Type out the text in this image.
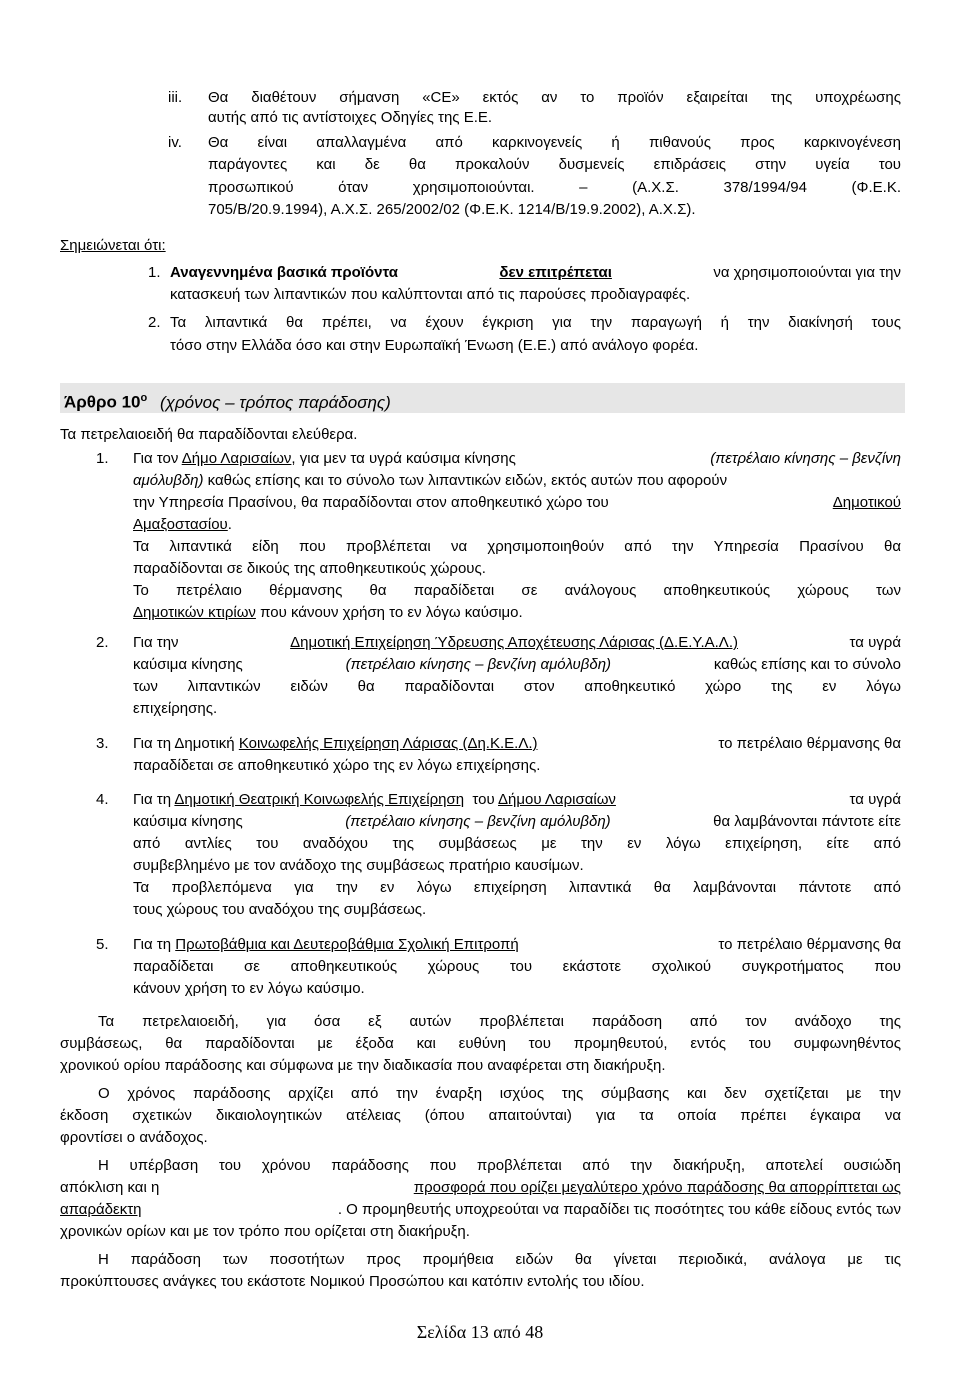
iii. Θα διαθέτουν σήμανση «CE» εκτός αν το προϊόν εξαιρείται της υποχρέωσης
αυτής από τις αντίστοιχες Οδηγίες της Ε.Ε.
iv. Θα είναι απαλλαγμένα από καρκινογενείς ή πιθανούς προς καρκινογένεση
παράγοντες και δε θα προκαλούν δυσμενείς επιδράσεις στην υγεία του
προσωπικού όταν χρησιμοποιούνται. – (Α.Χ.Σ. 378/1994/94 (Φ.Ε.Κ.
705/Β/20.9.1994), Α.Χ.Σ. 265/2002/02 (Φ.Ε.Κ. 1214/Β/19.9.2002), Α.Χ.Σ).
Σημειώνεται ότι:
1. Αναγεννημένα βασικά προϊόντα	δεν επιτρέπεται	να χρησιμοποιούνται για την
κατασκευή των λιπαντικών που καλύπτονται από τις παρούσες προδιαγραφές.
2. Τα λιπαντικά θα πρέπει, να έχουν έγκριση για την παραγωγή ή την διακίνησή τους
τόσο στην Ελλάδα όσο και στην Ευρωπαϊκή Ένωση (Ε.Ε.) από ανάλογο φορέα.
Άρθρο $10^o$ (χρόνος – τρόπος παράδοσης)
Τα πετρελαιοειδή θα παραδίδονται ελεύθερα.
1. Για τον Δήμο Λαρισαίων, για μεν τα υγρά καύσιμα κίνησης	(πετρέλαιο κίνησης – βενζίνη
αμόλυβδη) καθώς επίσης και το σύνολο των λιπαντικών ειδών, εκτός αυτών που αφορούν
την Υπηρεσία Πρασίνου, θα παραδίδονται στον αποθηκευτικό χώρο του	Δημοτικού
Αμαξοστασίου.
Τα λιπαντικά είδη που προβλέπεται να χρησιμοποιηθούν από την Υπηρεσία Πρασίνου θα
παραδίδονται σε δικούς της αποθηκευτικούς χώρους.
Το πετρέλαιο θέρμανσης θα παραδίδεται σε ανάλογους αποθηκευτικούς χώρους των
Δημοτικών κτιρίων που κάνουν χρήση το εν λόγω καύσιμο.
2. Για την	Δημοτική Επιχείρηση Ύδρευσης Αποχέτευσης Λάρισας (Δ.Ε.Υ.Α.Λ.)	τα υγρά
καύσιμα κίνησης	(πετρέλαιο κίνησης – βενζίνη αμόλυβδη)	καθώς επίσης και το σύνολο
των λιπαντικών ειδών θα παραδίδονται στον αποθηκευτικό χώρο της εν λόγω
επιχείρησης.
3. Για τη Δημοτική Κοινωφελής Επιχείρηση Λάρισας (Δη.Κ.Ε.Λ.)	το πετρέλαιο θέρμανσης θα
παραδίδεται σε αποθηκευτικό χώρο της εν λόγω επιχείρησης.
4. Για τη Δημοτική Θεατρική Κοινωφελής Επιχείρηση  του Δήμου Λαρισαίων	τα υγρά
καύσιμα κίνησης	(πετρέλαιο κίνησης – βενζίνη αμόλυβδη)	θα λαμβάνονται πάντοτε είτε
από αντλίες του αναδόχου της συμβάσεως με την εν λόγω επιχείρηση, είτε από
συμβεβλημένο με τον ανάδοχο της συμβάσεως πρατήριο καυσίμων.
Τα προβλεπόμενα για την εν λόγω επιχείρηση λιπαντικά θα λαμβάνονται πάντοτε από
τους χώρους του αναδόχου της συμβάσεως.
5. Για τη Πρωτοβάθμια και Δευτεροβάθμια Σχολική Επιτροπή	το πετρέλαιο θέρμανσης θα
παραδίδεται σε αποθηκευτικούς χώρους του εκάστοτε σχολικού συγκροτήματος που
κάνουν χρήση το εν λόγω καύσιμο.
Τα πετρελαιοειδή, για όσα εξ αυτών προβλέπεται παράδοση από τον ανάδοχο της
συμβάσεως, θα παραδίδονται με έξοδα και ευθύνη του προμηθευτού, εντός του συμφωνηθέντος
χρονικού ορίου παράδοσης και σύμφωνα με την διαδικασία που αναφέρεται στη διακήρυξη.
Ο χρόνος παράδοσης αρχίζει από την έναρξη ισχύος της σύμβασης και δεν σχετίζεται με την
έκδοση σχετικών δικαιολογητικών ατέλειας (όπου απαιτούνται) για τα οποία πρέπει έγκαιρα να
φροντίσει ο ανάδοχος.
Η υπέρβαση του χρόνου παράδοσης που προβλέπεται από την διακήρυξη, αποτελεί ουσιώδη
απόκλιση και η	προσφορά που ορίζει μεγαλύτερο χρόνο παράδοσης θα απορρίπτεται ως
απαράδεκτη	. Ο προμηθευτής υποχρεούται να παραδίδει τις ποσότητες του κάθε είδους εντός των
χρονικών ορίων και με τον τρόπο που ορίζεται στη διακήρυξη.
Η παράδοση των ποσοτήτων προς προμήθεια ειδών θα γίνεται περιοδικά, ανάλογα με τις
προκύπτουσες ανάγκες του εκάστοτε Νομικού Προσώπου και κατόπιν εντολής του ιδίου.
Σελίδα 13 από 48
